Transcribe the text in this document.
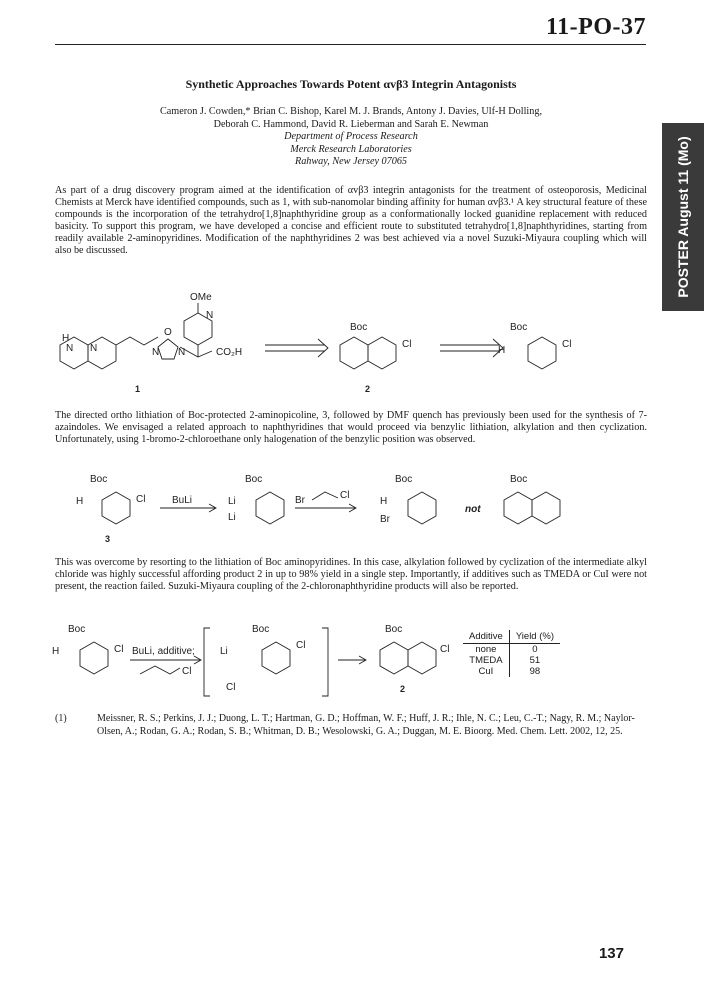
11-PO-37
POSTER August 11 (Mo)
Synthetic Approaches Towards Potent αvβ3 Integrin Antagonists
Cameron J. Cowden,* Brian C. Bishop, Karel M. J. Brands, Antony J. Davies, Ulf-H Dolling,
Deborah C. Hammond, David R. Lieberman and Sarah E. Newman
Department of Process Research
Merck Research Laboratories
Rahway, New Jersey 07065
As part of a drug discovery program aimed at the identification of αvβ3 integrin antagonists for the treatment of osteoporosis, Medicinal Chemists at Merck have identified compounds, such as 1, with sub-nanomolar binding affinity for human αvβ3.¹ A key structural feature of these compounds is the incorporation of the tetrahydro[1,8]naphthyridine group as a conformationally locked guanidine replacement with reduced basicity. To support this program, we have developed a concise and efficient route to substituted tetrahydro[1,8]naphthyridines, starting from readily available 2-aminopyridines. Modification of the naphthyridines 2 was best achieved via a novel Suzuki-Miyaura coupling which will also be discussed.
OMe
N
H
N N	N N
O
CO₂H
1
Boc
Cl
2
Boc
H
Cl
The directed ortho lithiation of Boc-protected 2-aminopicoline, 3, followed by DMF quench has previously been used for the synthesis of 7-azaindoles. We envisaged a related approach to naphthyridines that would proceed via benzylic lithiation, alkylation and then cyclization. Unfortunately, using 1-bromo-2-chloroethane only halogenation of the benzylic position was observed.
Boc
H	Cl
3
BuLi
Boc
Li
Li
Br	Cl
Boc
H
Br
not
Boc
This was overcome by resorting to the lithiation of Boc aminopyridines. In this case, alkylation followed by cyclization of the intermediate alkyl chloride was highly successful affording product 2 in up to 98% yield in a single step. Importantly, if additives such as TMEDA or CuI were not present, the reaction failed. Suzuki-Miyaura coupling of the 2-chloronaphthyridine products will also be reported.
Boc
H	Cl BuLi, additive;
Cl
Boc
Li
Cl
Cl
Boc
Cl
2
Additive	Yield (%)
none	0
TMEDA	51
CuI	98
(1)	Meissner, R. S.; Perkins, J. J.; Duong, L. T.; Hartman, G. D.; Hoffman, W. F.; Huff, J. R.; Ihle, N. C.; Leu, C.-T.; Nagy, R. M.; Naylor-Olsen, A.; Rodan, G. A.; Rodan, S. B.; Whitman, D. B.; Wesolowski, G. A.; Duggan, M. E. Bioorg. Med. Chem. Lett. 2002, 12, 25.
137
